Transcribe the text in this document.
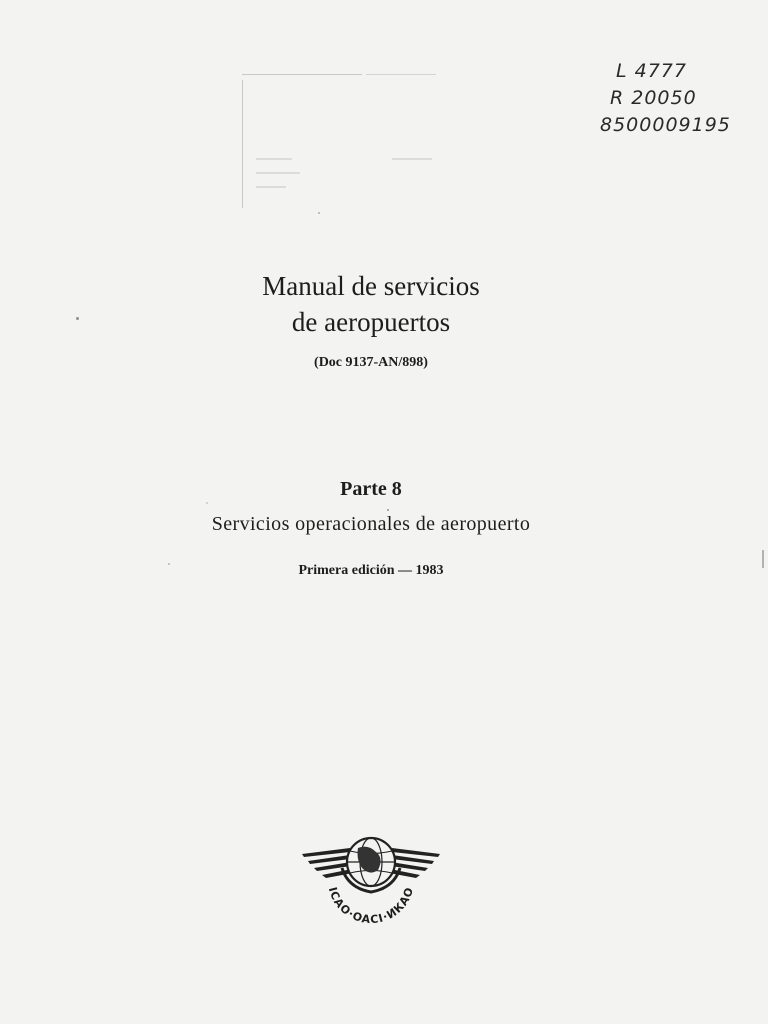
L 4777
R 20050
8500009195
Manual de servicios
de aeropuertos
(Doc 9137-AN/898)
Parte 8
Servicios operacionales de aeropuerto
Primera edición — 1983
ICAO·OACI·ИКАО
